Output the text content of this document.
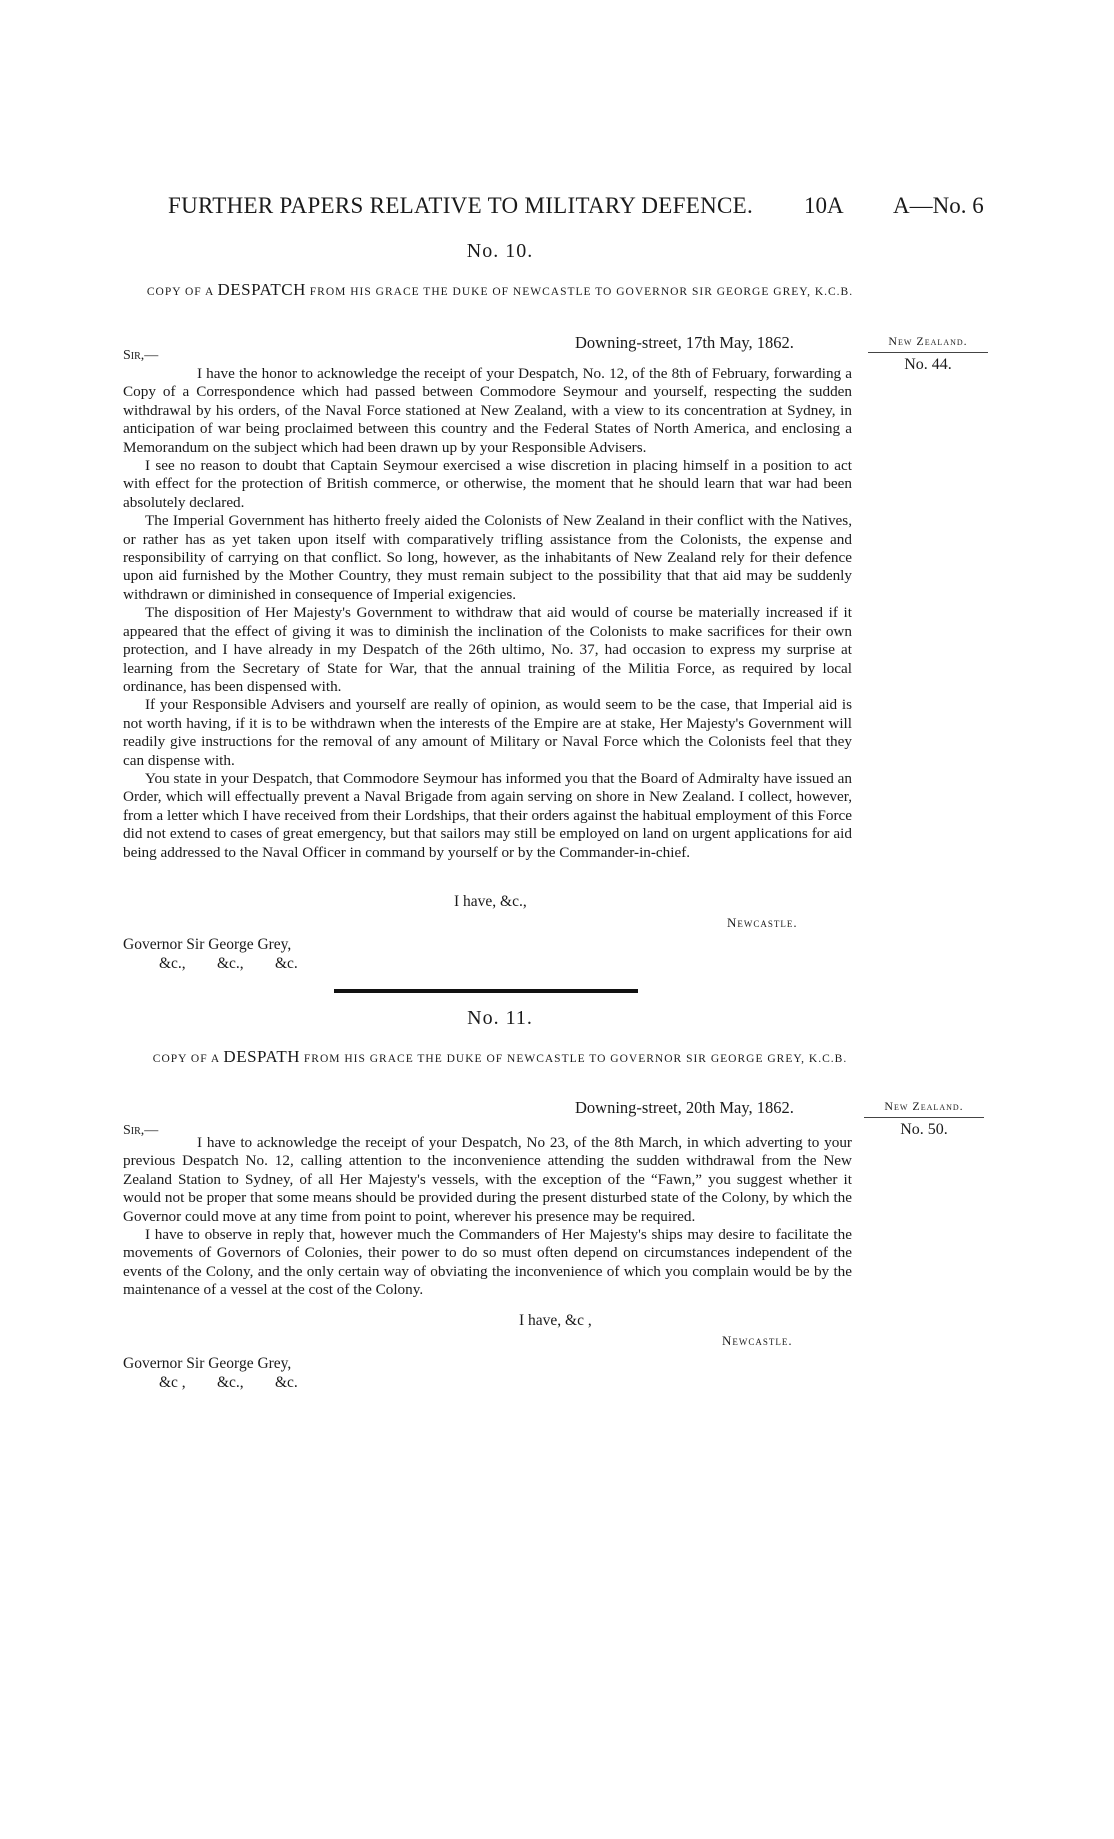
FURTHER PAPERS RELATIVE TO MILITARY DEFENCE. 10A A—No. 6
No. 10.
COPY OF A DESPATCH FROM HIS GRACE THE DUKE OF NEWCASTLE TO GOVERNOR SIR GEORGE GREY, K.C.B.
Downing-street, 17th May, 1862.	New Zealand.
No. 44.
Sir,—

I have the honor to acknowledge the receipt of your Despatch, No. 12, of the 8th of February, forwarding a Copy of a Correspondence which had passed between Commodore Seymour and yourself, respecting the sudden withdrawal by his orders, of the Naval Force stationed at New Zealand, with a view to its concentration at Sydney, in anticipation of war being proclaimed between this country and the Federal States of North America, and enclosing a Memorandum on the subject which had been drawn up by your Responsible Advisers.

I see no reason to doubt that Captain Seymour exercised a wise discretion in placing himself in a position to act with effect for the protection of British commerce, or otherwise, the moment that he should learn that war had been absolutely declared.

The Imperial Government has hitherto freely aided the Colonists of New Zealand in their conflict with the Natives, or rather has as yet taken upon itself with comparatively trifling assistance from the Colonists, the expense and responsibility of carrying on that conflict. So long, however, as the inhabitants of New Zealand rely for their defence upon aid furnished by the Mother Country, they must remain subject to the possibility that that aid may be suddenly withdrawn or diminished in consequence of Imperial exigencies.

The disposition of Her Majesty's Government to withdraw that aid would of course be materially increased if it appeared that the effect of giving it was to diminish the inclination of the Colonists to make sacrifices for their own protection, and I have already in my Despatch of the 26th ultimo, No. 37, had occasion to express my surprise at learning from the Secretary of State for War, that the annual training of the Militia Force, as required by local ordinance, has been dispensed with.

If your Responsible Advisers and yourself are really of opinion, as would seem to be the case, that Imperial aid is not worth having, if it is to be withdrawn when the interests of the Empire are at stake, Her Majesty's Government will readily give instructions for the removal of any amount of Military or Naval Force which the Colonists feel that they can dispense with.

You state in your Despatch, that Commodore Seymour has informed you that the Board of Admiralty have issued an Order, which will effectually prevent a Naval Brigade from again serving on shore in New Zealand. I collect, however, from a letter which I have received from their Lordships, that their orders against the habitual employment of this Force did not extend to cases of great emergency, but that sailors may still be employed on land on urgent applications for aid being addressed to the Naval Officer in command by yourself or by the Commander-in-chief.

I have, &c.,
Newcastle.
Governor Sir George Grey,
&c., &c., &c.
No. 11.
COPY OF A DESPATH FROM HIS GRACE THE DUKE OF NEWCASTLE TO GOVERNOR SIR GEORGE GREY, K.C.B.
Downing-street, 20th May, 1862.	New Zealand.
No. 50.
Sir,—

I have to acknowledge the receipt of your Despatch, No 23, of the 8th March, in which adverting to your previous Despatch No. 12, calling attention to the inconvenience attending the sudden withdrawal from the New Zealand Station to Sydney, of all Her Majesty's vessels, with the exception of the “Fawn,” you suggest whether it would not be proper that some means should be provided during the present disturbed state of the Colony, by which the Governor could move at any time from point to point, wherever his presence may be required.

I have to observe in reply that, however much the Commanders of Her Majesty's ships may desire to facilitate the movements of Governors of Colonies, their power to do so must often depend on circumstances independent of the events of the Colony, and the only certain way of obviating the inconvenience of which you complain would be by the maintenance of a vessel at the cost of the Colony.

I have, &c ,
Newcastle.
Governor Sir George Grey,
&c , &c., &c.
